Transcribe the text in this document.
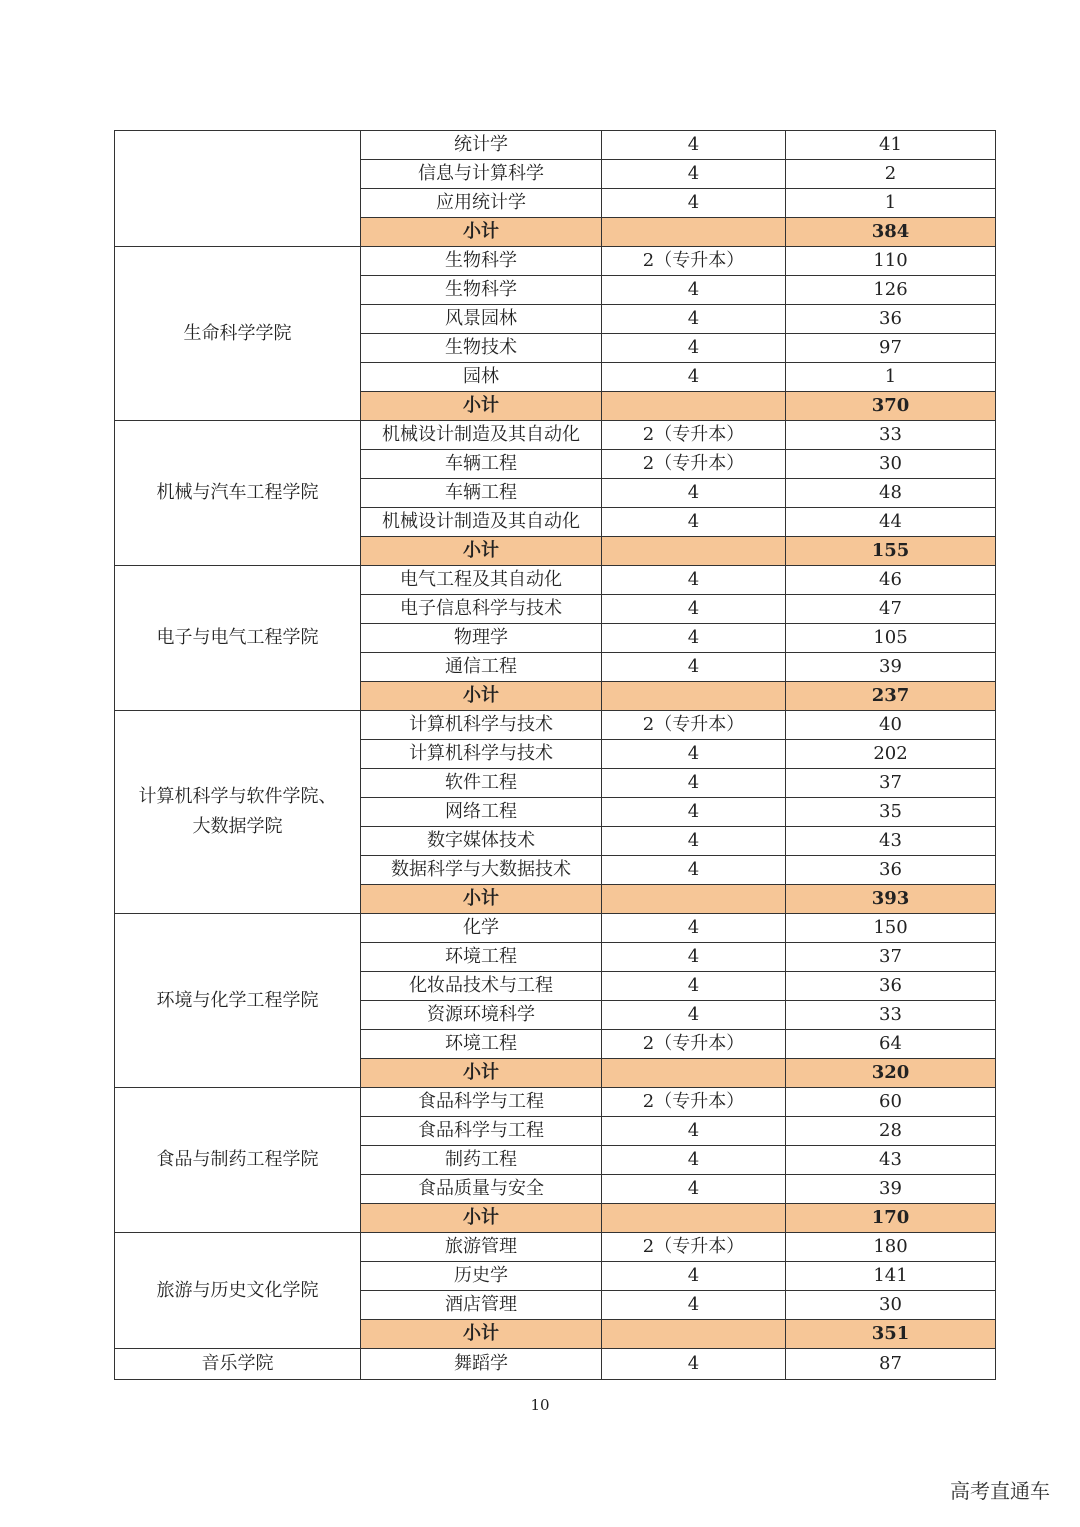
	统计学	4	41
	信息与计算科学	4	2
	应用统计学	4	1
	小计		384
生命科学学院	生物科学	2（专升本）	110
	生物科学	4	126
	风景园林	4	36
	生物技术	4	97
	园林	4	1
	小计		370
机械与汽车工程学院	机械设计制造及其自动化	2（专升本）	33
	车辆工程	2（专升本）	30
	车辆工程	4	48
	机械设计制造及其自动化	4	44
	小计		155
电子与电气工程学院	电气工程及其自动化	4	46
	电子信息科学与技术	4	47
	物理学	4	105
	通信工程	4	39
	小计		237
计算机科学与软件学院、
大数据学院	计算机科学与技术	2（专升本）	40
	计算机科学与技术	4	202
	软件工程	4	37
	网络工程	4	35
	数字媒体技术	4	43
	数据科学与大数据技术	4	36
	小计		393
环境与化学工程学院	化学	4	150
	环境工程	4	37
	化妆品技术与工程	4	36
	资源环境科学	4	33
	环境工程	2（专升本）	64
	小计		320
食品与制药工程学院	食品科学与工程	2（专升本）	60
	食品科学与工程	4	28
	制药工程	4	43
	食品质量与安全	4	39
	小计		170
旅游与历史文化学院	旅游管理	2（专升本）	180
	历史学	4	141
	酒店管理	4	30
	小计		351
音乐学院	舞蹈学	4	87
10
高考直通车
